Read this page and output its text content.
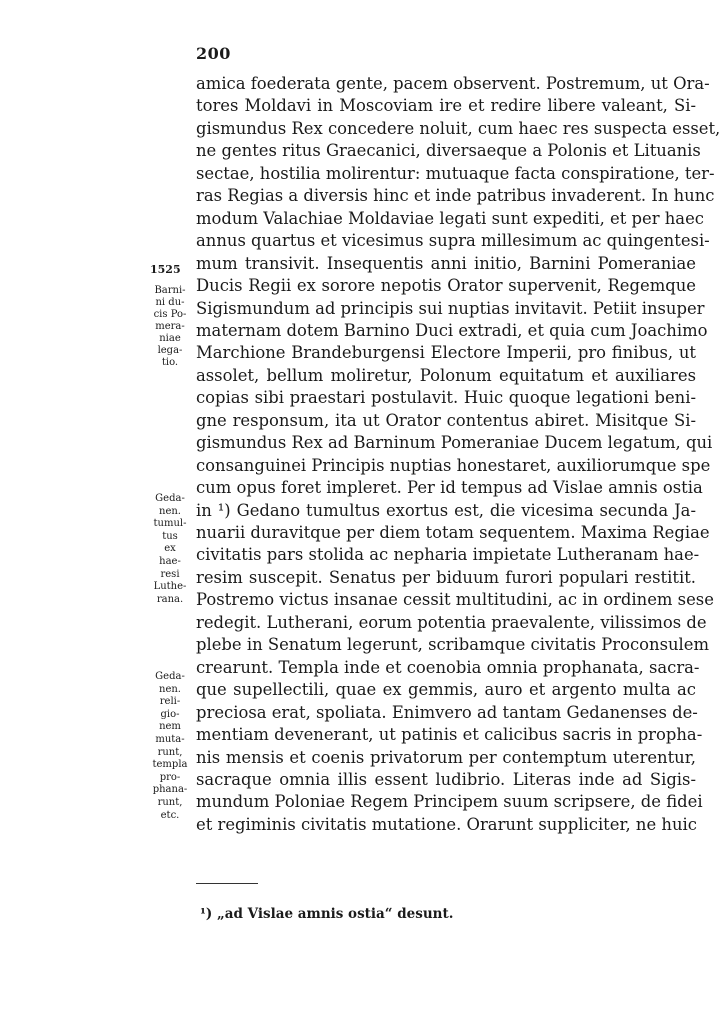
200
amica foederata gente, pacem observent. Postremum, ut Ora-
tores Moldavi in Moscoviam ire et redire libere valeant, Si-
gismundus Rex concedere noluit, cum haec res suspecta esset,
ne gentes ritus Graecanici, diversaeque a Polonis et Lituanis
sectae, hostilia molirentur: mutuaque facta conspiratione, ter-
ras Regias a diversis hinc et inde patribus invaderent. In hunc
modum Valachiae Moldaviae legati sunt expediti, et per haec
annus quartus et vicesimus supra millesimum ac quingentesi-
mum transivit. Insequentis anni initio, Barnini Pomeraniae
Ducis Regii ex sorore nepotis Orator supervenit, Regemque
Sigismundum ad principis sui nuptias invitavit. Petiit insuper
maternam dotem Barnino Duci extradi, et quia cum Joachimo
Marchione Brandeburgensi Electore Imperii, pro finibus, ut
assolet, bellum moliretur, Polonum equitatum et auxiliares
copias sibi praestari postulavit. Huic quoque legationi beni-
gne responsum, ita ut Orator contentus abiret. Misitque Si-
gismundus Rex ad Barninum Pomeraniae Ducem legatum, qui
consanguinei Principis nuptias honestaret, auxiliorumque spe
cum opus foret impleret. Per id tempus ad Vislae amnis ostia
in ¹) Gedano tumultus exortus est, die vicesima secunda Ja-
nuarii duravitque per diem totam sequentem. Maxima Regiae
civitatis pars stolida ac nepharia impietate Lutheranam hae-
resim suscepit. Senatus per biduum furori populari restitit.
Postremo victus insanae cessit multitudini, ac in ordinem sese
redegit. Lutherani, eorum potentia praevalente, vilissimos de
plebe in Senatum legerunt, scribamque civitatis Proconsulem
crearunt. Templa inde et coenobia omnia prophanata, sacra-
que supellectili, quae ex gemmis, auro et argento multa ac
preciosa erat, spoliata. Enimvero ad tantam Gedanenses de-
mentiam devenerant, ut patinis et calicibus sacris in propha-
nis mensis et coenis privatorum per contemptum uterentur,
sacraque omnia illis essent ludibrio. Literas inde ad Sigis-
mundum Poloniae Regem Principem suum scripsere, de fidei
et regiminis civitatis mutatione. Orarunt suppliciter, ne huic
1525
Barni-
ni du-
cis Po-
mera-
niae
lega-
tio.
Geda-
nen.
tumul-
tus
ex
hae-
resi
Luthe-
rana.
Geda-
nen.
reli-
gio-
nem
muta-
runt,
templa
pro-
phana-
runt,
etc.
¹) „ad Vislae amnis ostia“ desunt.
